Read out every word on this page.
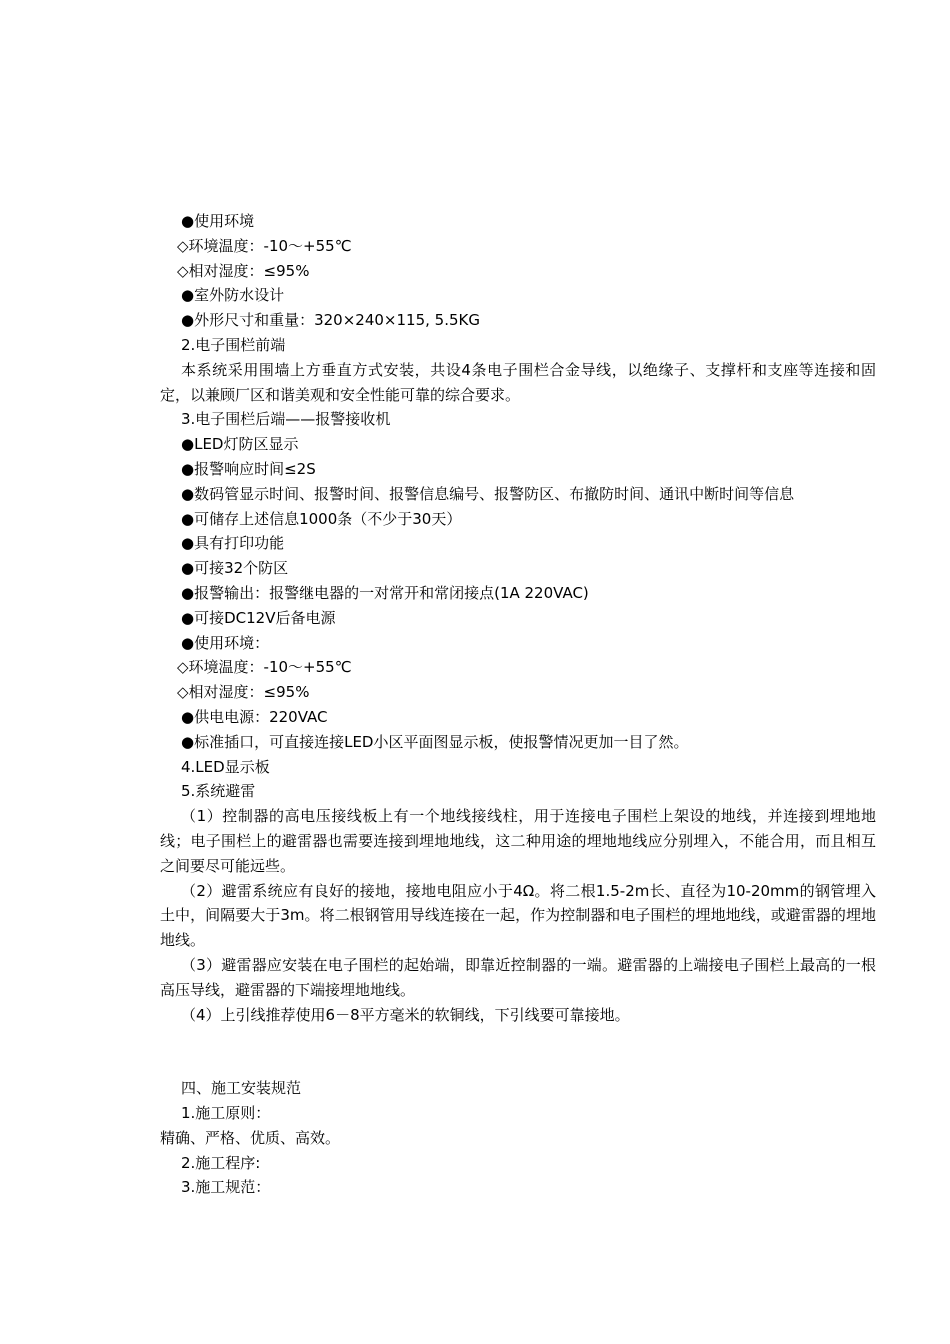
●使用环境
◇环境温度：-10～+55℃
◇相对湿度：≤95%
●室外防水设计
●外形尺寸和重量：320×240×115, 5.5KG
2.电子围栏前端

本系统采用围墙上方垂直方式安装，共设4条电子围栏合金导线，以绝缘子、支撑杆和支座等连接和固定，以兼顾厂区和谐美观和安全性能可靠的综合要求。

3.电子围栏后端——报警接收机
●LED灯防区显示
●报警响应时间≤2S
●数码管显示时间、报警时间、报警信息编号、报警防区、布撤防时间、通讯中断时间等信息
●可储存上述信息1000条（不少于30天）
●具有打印功能
●可接32个防区
●报警输出：报警继电器的一对常开和常闭接点(1A 220VAC)
●可接DC12V后备电源
●使用环境：
◇环境温度：-10～+55℃
◇相对湿度：≤95%
●供电电源：220VAC
●标准插口，可直接连接LED小区平面图显示板，使报警情况更加一目了然。
4.LED显示板
5.系统避雷

（1）控制器的高电压接线板上有一个地线接线柱，用于连接电子围栏上架设的地线，并连接到埋地地线；电子围栏上的避雷器也需要连接到埋地地线，这二种用途的埋地地线应分别埋入，不能合用，而且相互之间要尽可能远些。

（2）避雷系统应有良好的接地，接地电阻应小于4Ω。将二根1.5-2m长、直径为10-20mm的钢管埋入土中，间隔要大于3m。将二根钢管用导线连接在一起，作为控制器和电子围栏的埋地地线，或避雷器的埋地地线。

（3）避雷器应安装在电子围栏的起始端，即靠近控制器的一端。避雷器的上端接电子围栏上最高的一根高压导线，避雷器的下端接埋地地线。

（4）上引线推荐使用6－8平方毫米的软铜线，下引线要可靠接地。

四、施工安装规范
1.施工原则：
精确、严格、优质、高效。
2.施工程序:
3.施工规范：
